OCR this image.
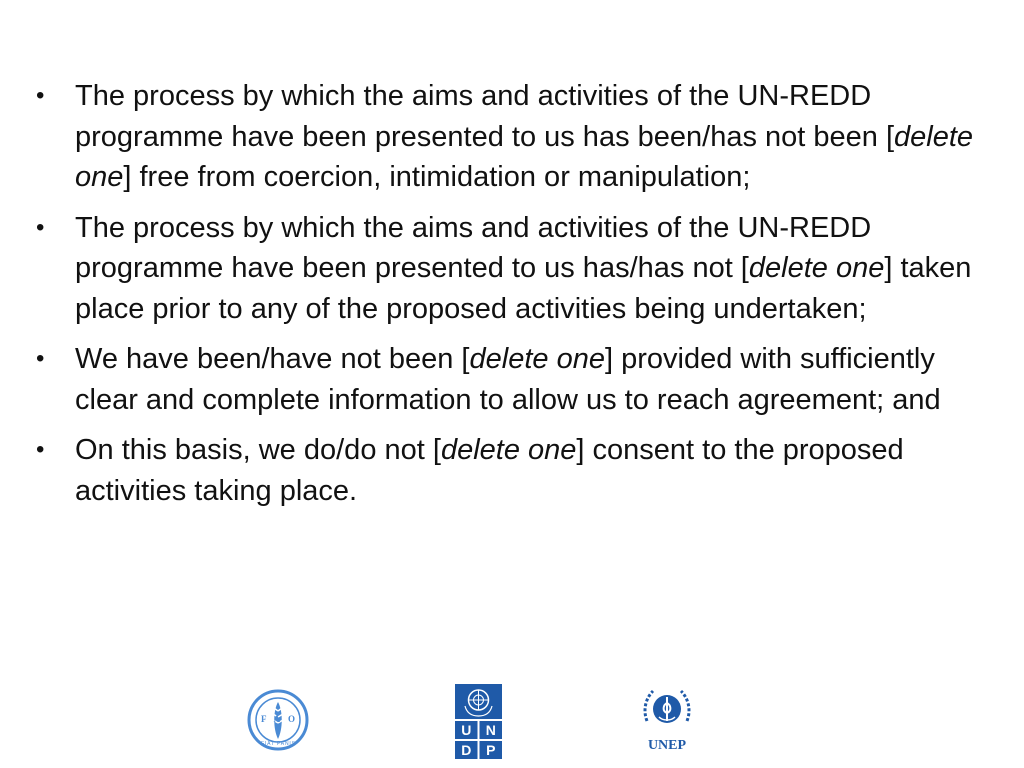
• The process by which the aims and activities of the UN-REDD programme have been presented to us has been/has not been [delete one] free from coercion, intimidation or manipulation;
• The process by which the aims and activities of the UN-REDD programme have been presented to us has/has not [delete one] taken place prior to any of the proposed activities being undertaken;
• We have been/have not been [delete one] provided with sufficiently clear and complete information to allow us to reach agreement; and
• On this basis, we do/do not [delete one] consent to the proposed activities taking place.
FAO
FIAT PANIS
U N
D P	UNEP
